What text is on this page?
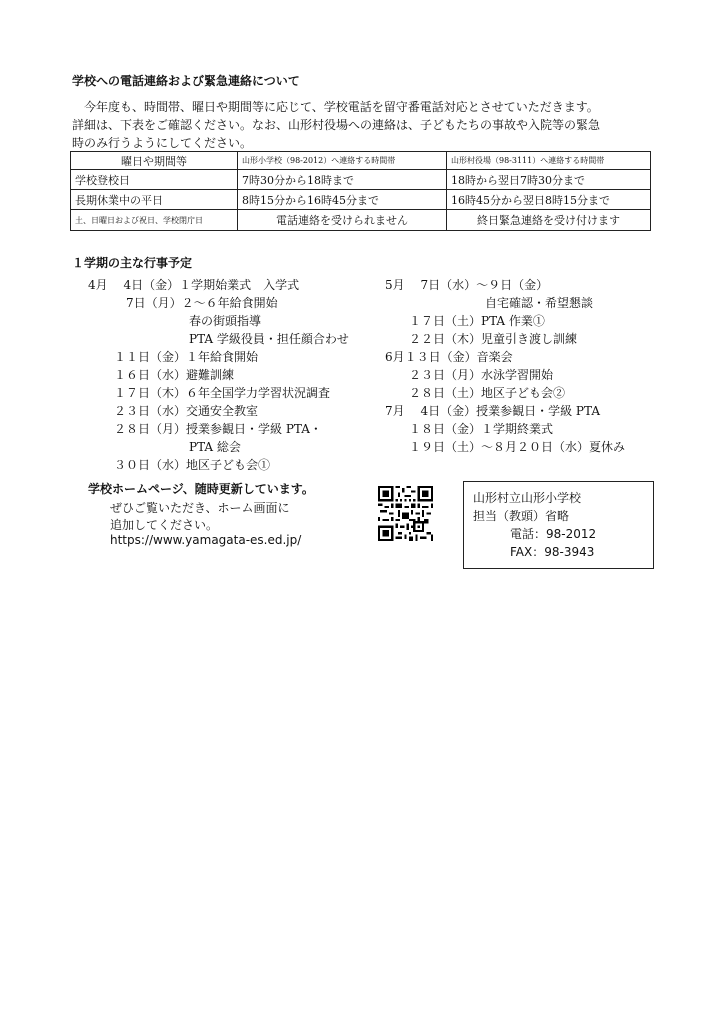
学校への電話連絡および緊急連絡について
今年度も、時間帯、曜日や期間等に応じて、学校電話を留守番電話対応とさせていただきます。
詳細は、下表をご確認ください。なお、山形村役場への連絡は、子どもたちの事故や入院等の緊急
時のみ行うようにしてください。
曜日や期間等	山形小学校（98-2012）へ連絡する時間帯	山形村役場（98-3111）へ連絡する時間帯
学校登校日	7時30分から18時まで	18時から翌日7時30分まで
長期休業中の平日	8時15分から16時45分まで	16時45分から翌日8時15分まで
土、日曜日および祝日、学校閉庁日	電話連絡を受けられません	終日緊急連絡を受け付けます
１学期の主な行事予定
4月　 4日（金）１学期始業式　入学式
7日（月）２～６年給食開始
春の街頭指導
PTA 学級役員・担任顔合わせ
１１日（金）１年給食開始
１６日（水）避難訓練
１７日（木）６年全国学力学習状況調査
２３日（水）交通安全教室
２８日（月）授業参観日・学級 PTA・
PTA 総会
３０日（水）地区子ども会①
5月　 7日（水）～９日（金）
自宅確認・希望懇談
１７日（土）PTA 作業①
２２日（木）児童引き渡し訓練
6月１３日（金）音楽会
２３日（月）水泳学習開始
２８日（土）地区子ども会②
7月　 4日（金）授業参観日・学級 PTA
１８日（金）１学期終業式
１９日（土）～８月２０日（水）夏休み
学校ホームページ、随時更新しています。
ぜひご覧いただき、ホーム画面に
追加してください。
https://www.yamagata-es.ed.jp/
山形村立山形小学校
担当（教頭）省略
電話：98-2012
FAX：98-3943
